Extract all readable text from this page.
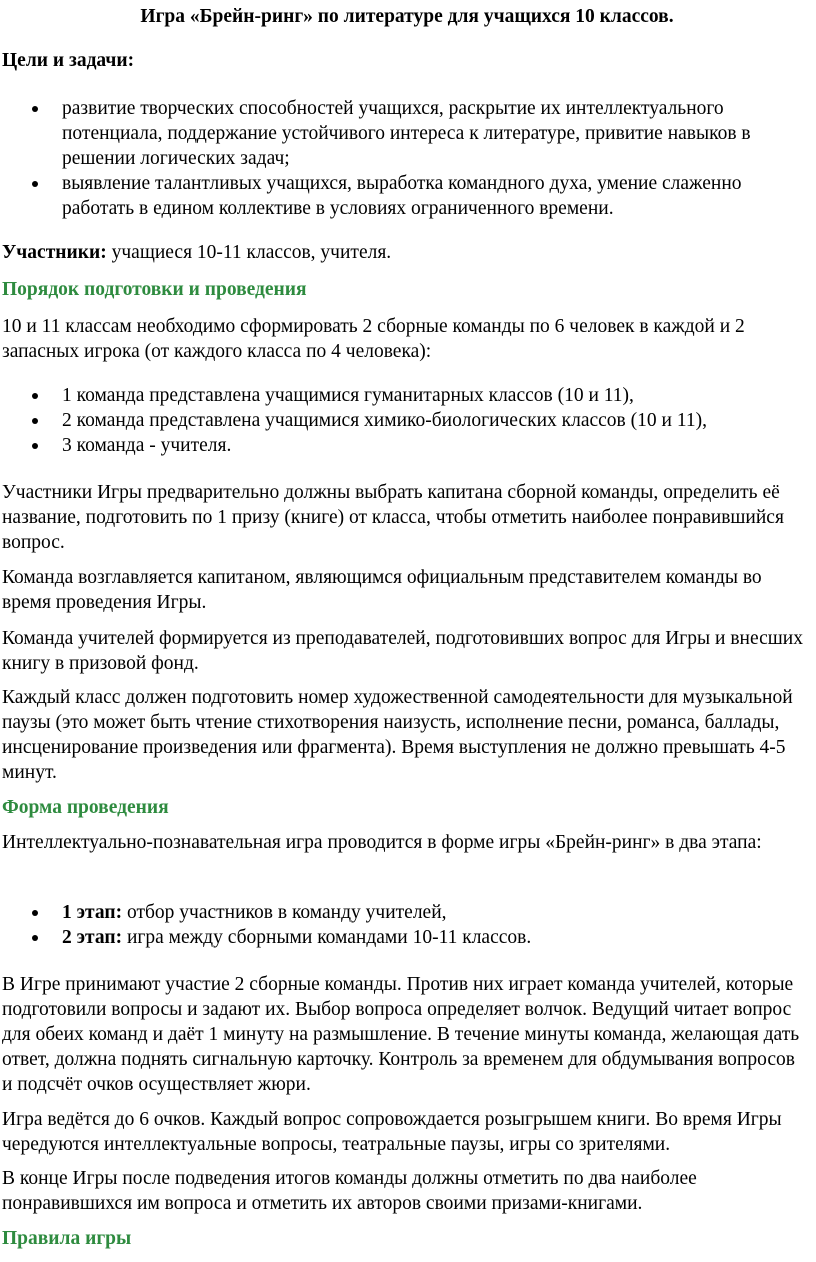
Игра «Брейн-ринг» по литературе для учащихся 10 классов.

Цели и задачи:

развитие творческих способностей учащихся, раскрытие их интеллектуального потенциала, поддержание устойчивого интереса к литературе, привитие навыков в решении логических задач;
выявление талантливых учащихся, выработка командного духа, умение слаженно работать в едином коллективе в условиях ограниченного времени.

Участники: учащиеся 10-11 классов, учителя.

Порядок подготовки и проведения

10 и 11 классам необходимо сформировать 2 сборные команды по 6 человек в каждой и 2 запасных игрока (от каждого класса по 4 человека):

1 команда представлена учащимися гуманитарных классов (10 и 11),
2 команда представлена учащимися химико-биологических классов (10 и 11),
3 команда - учителя.

Участники Игры предварительно должны выбрать капитана сборной команды, определить её название, подготовить по 1 призу (книге) от класса, чтобы отметить наиболее понравившийся вопрос.

Команда возглавляется капитаном, являющимся официальным представителем команды во время проведения Игры.

Команда учителей формируется из преподавателей, подготовивших вопрос для Игры и внесших книгу в призовой фонд.

Каждый класс должен подготовить номер художественной самодеятельности для музыкальной паузы (это может быть чтение стихотворения наизусть, исполнение песни, романса, баллады, инсценирование произведения или фрагмента). Время выступления не должно превышать 4-5 минут.

Форма проведения

Интеллектуально-познавательная игра проводится в форме игры «Брейн-ринг» в два этапа:

1 этап: отбор участников в команду учителей,
2 этап: игра между сборными командами 10-11 классов.

В Игре принимают участие 2 сборные команды. Против них играет команда учителей, которые подготовили вопросы и задают их. Выбор вопроса определяет волчок. Ведущий читает вопрос для обеих команд и даёт 1 минуту на размышление. В течение минуты команда, желающая дать ответ, должна поднять сигнальную карточку. Контроль за временем для обдумывания вопросов и подсчёт очков осуществляет жюри.

Игра ведётся до 6 очков. Каждый вопрос сопровождается розыгрышем книги. Во время Игры чередуются интеллектуальные вопросы, театральные паузы, игры со зрителями.

В конце Игры после подведения итогов команды должны отметить по два наиболее понравившихся им вопроса и отметить их авторов своими призами-книгами.

Правила игры
